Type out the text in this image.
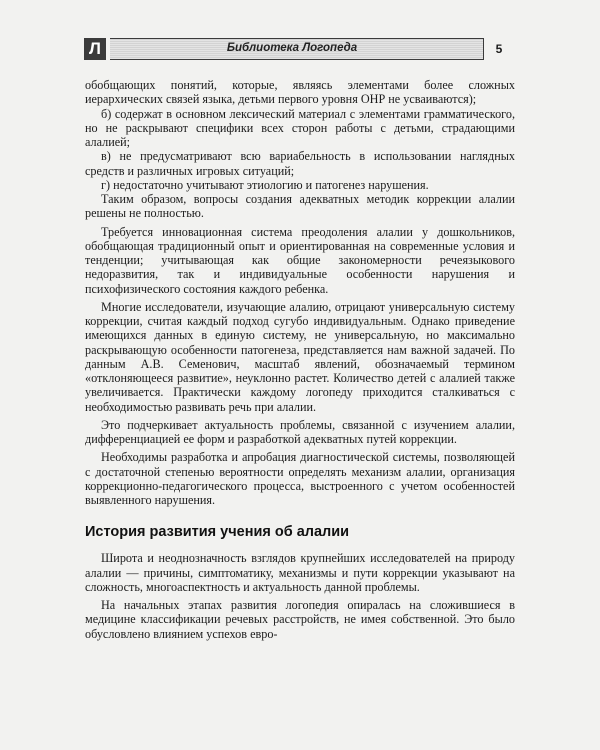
Л	Библиотека Логопеда	5

обобщающих понятий, которые, являясь элементами более сложных иерархических связей языка, детьми первого уровня ОНР не усваиваются);

б) содержат в основном лексический материал с элементами грамматического, но не раскрывают специфики всех сторон работы с детьми, страдающими алалией;

в) не предусматривают всю вариабельность в использовании наглядных средств и различных игровых ситуаций;

г) недостаточно учитывают этиологию и патогенез нарушения.

Таким образом, вопросы создания адекватных методик коррекции алалии решены не полностью.

Требуется инновационная система преодоления алалии у дошкольников, обобщающая традиционный опыт и ориентированная на современные условия и тенденции; учитывающая как общие закономерности речеязыкового недоразвития, так и индивидуальные особенности нарушения и психофизического состояния каждого ребенка.

Многие исследователи, изучающие алалию, отрицают универсальную систему коррекции, считая каждый подход сугубо индивидуальным. Однако приведение имеющихся данных в единую систему, не универсальную, но максимально раскрывающую особенности патогенеза, представляется нам важной задачей. По данным А.В. Семенович, масштаб явлений, обозначаемый термином «отклоняющееся развитие», неуклонно растет. Количество детей с алалией также увеличивается. Практически каждому логопеду приходится сталкиваться с необходимостью развивать речь при алалии.

Это подчеркивает актуальность проблемы, связанной с изучением алалии, дифференциацией ее форм и разработкой адекватных путей коррекции.

Необходимы разработка и апробация диагностической системы, позволяющей с достаточной степенью вероятности определять механизм алалии, организация коррекционно-педагогического процесса, выстроенного с учетом особенностей выявленного нарушения.

История развития учения об алалии

Широта и неоднозначность взглядов крупнейших исследователей на природу алалии — причины, симптоматику, механизмы и пути коррекции указывают на сложность, многоаспектность и актуальность данной проблемы.

На начальных этапах развития логопедия опиралась на сложившиеся в медицине классификации речевых расстройств, не имея собственной. Это было обусловлено влиянием успехов евро-
